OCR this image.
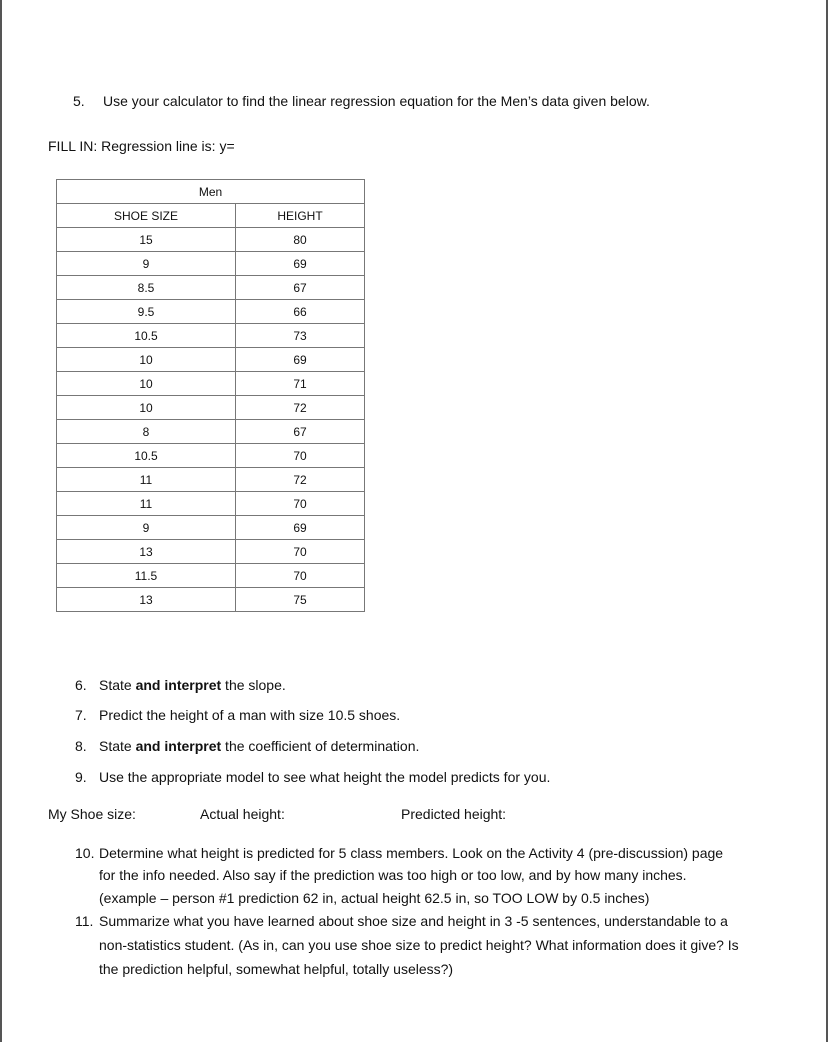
5. Use your calculator to find the linear regression equation for the Men’s data given below.
FILL IN: Regression line is: y=
Men	
SHOE SIZE	HEIGHT
15	80
9	69
8.5	67
9.5	66
10.5	73
10	69
10	71
10	72
8	67
10.5	70
11	72
11	70
9	69
13	70
11.5	70
13	75
6. State and interpret the slope.
7. Predict the height of a man with size 10.5 shoes.
8. State and interpret the coefficient of determination.
9. Use the appropriate model to see what height the model predicts for you.
My Shoe size:	Actual height:	Predicted height:
10. Determine what height is predicted for 5 class members. Look on the Activity 4 (pre-discussion) page
for the info needed. Also say if the prediction was too high or too low, and by how many inches.
(example – person #1 prediction 62 in, actual height 62.5 in, so TOO LOW by 0.5 inches)
11. Summarize what you have learned about shoe size and height in 3 -5 sentences, understandable to a
non-statistics student. (As in, can you use shoe size to predict height? What information does it give? Is
the prediction helpful, somewhat helpful, totally useless?)
